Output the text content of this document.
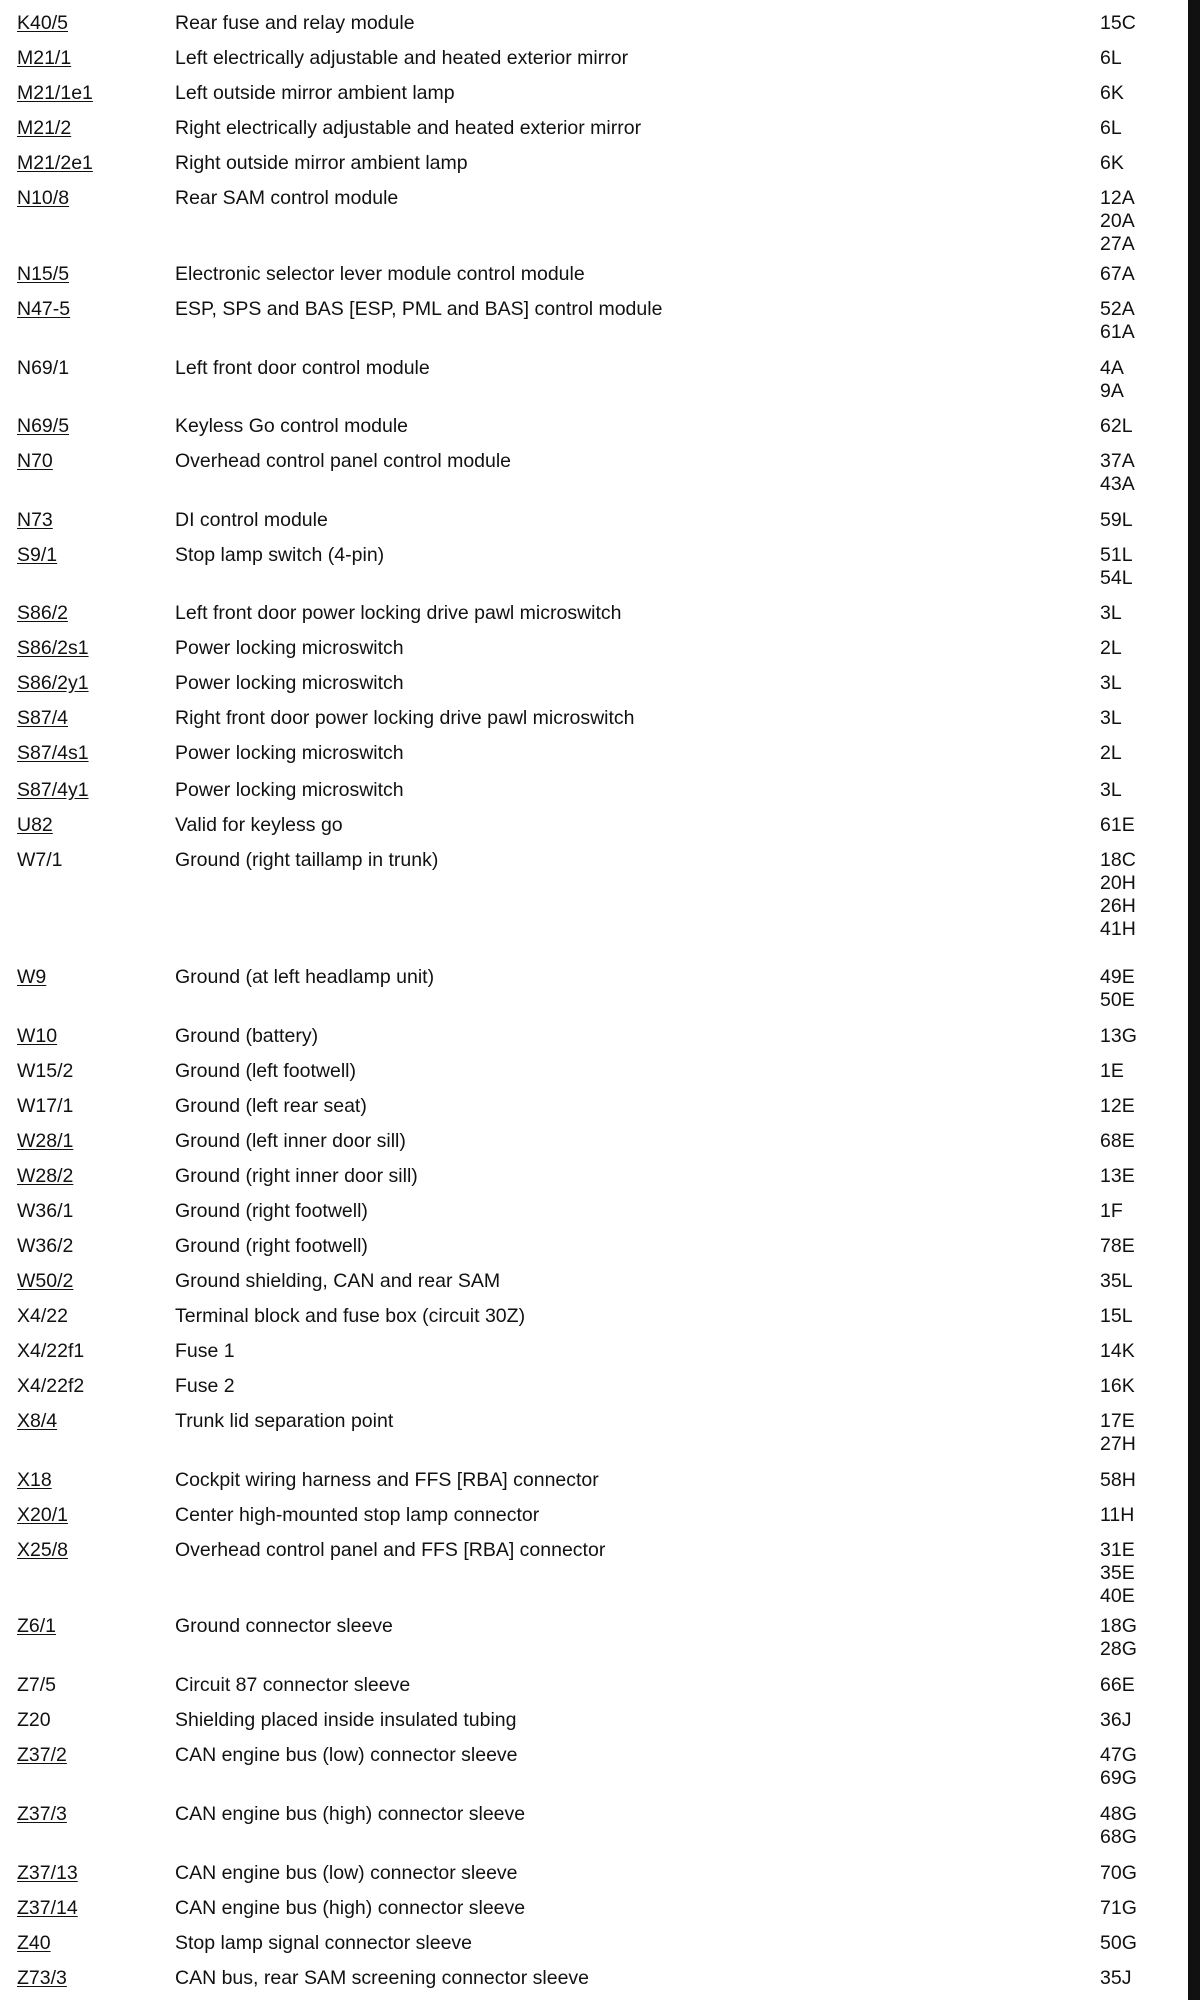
K40/5	Rear fuse and relay module	15C
M21/1	Left electrically adjustable and heated exterior mirror	6L
M21/1e1	Left outside mirror ambient lamp	6K
M21/2	Right electrically adjustable and heated exterior mirror	6L
M21/2e1	Right outside mirror ambient lamp	6K
N10/8	Rear SAM control module	12A
20A
27A
N15/5	Electronic selector lever module control module	67A
N47-5	ESP, SPS and BAS [ESP, PML and BAS] control module	52A
61A
N69/1	Left front door control module	4A
9A
N69/5	Keyless Go control module	62L
N70	Overhead control panel control module	37A
43A
N73	DI control module	59L
S9/1	Stop lamp switch (4-pin)	51L
54L
S86/2	Left front door power locking drive pawl microswitch	3L
S86/2s1	Power locking microswitch	2L
S86/2y1	Power locking microswitch	3L
S87/4	Right front door power locking drive pawl microswitch	3L
S87/4s1	Power locking microswitch	2L
S87/4y1	Power locking microswitch	3L
U82	Valid for keyless go	61E
W7/1	Ground (right taillamp in trunk)	18C
20H
26H
41H
W9	Ground (at left headlamp unit)	49E
50E
W10	Ground (battery)	13G
W15/2	Ground (left footwell)	1E
W17/1	Ground (left rear seat)	12E
W28/1	Ground (left inner door sill)	68E
W28/2	Ground (right inner door sill)	13E
W36/1	Ground (right footwell)	1F
W36/2	Ground (right footwell)	78E
W50/2	Ground shielding, CAN and rear SAM	35L
X4/22	Terminal block and fuse box (circuit 30Z)	15L
X4/22f1	Fuse 1	14K
X4/22f2	Fuse 2	16K
X8/4	Trunk lid separation point	17E
27H
X18	Cockpit wiring harness and FFS [RBA] connector	58H
X20/1	Center high-mounted stop lamp connector	11H
X25/8	Overhead control panel and FFS [RBA] connector	31E
35E
40E
Z6/1	Ground connector sleeve	18G
28G
Z7/5	Circuit 87 connector sleeve	66E
Z20	Shielding placed inside insulated tubing	36J
Z37/2	CAN engine bus (low) connector sleeve	47G
69G
Z37/3	CAN engine bus (high) connector sleeve	48G
68G
Z37/13	CAN engine bus (low) connector sleeve	70G
Z37/14	CAN engine bus (high) connector sleeve	71G
Z40	Stop lamp signal connector sleeve	50G
Z73/3	CAN bus, rear SAM screening connector sleeve	35J
